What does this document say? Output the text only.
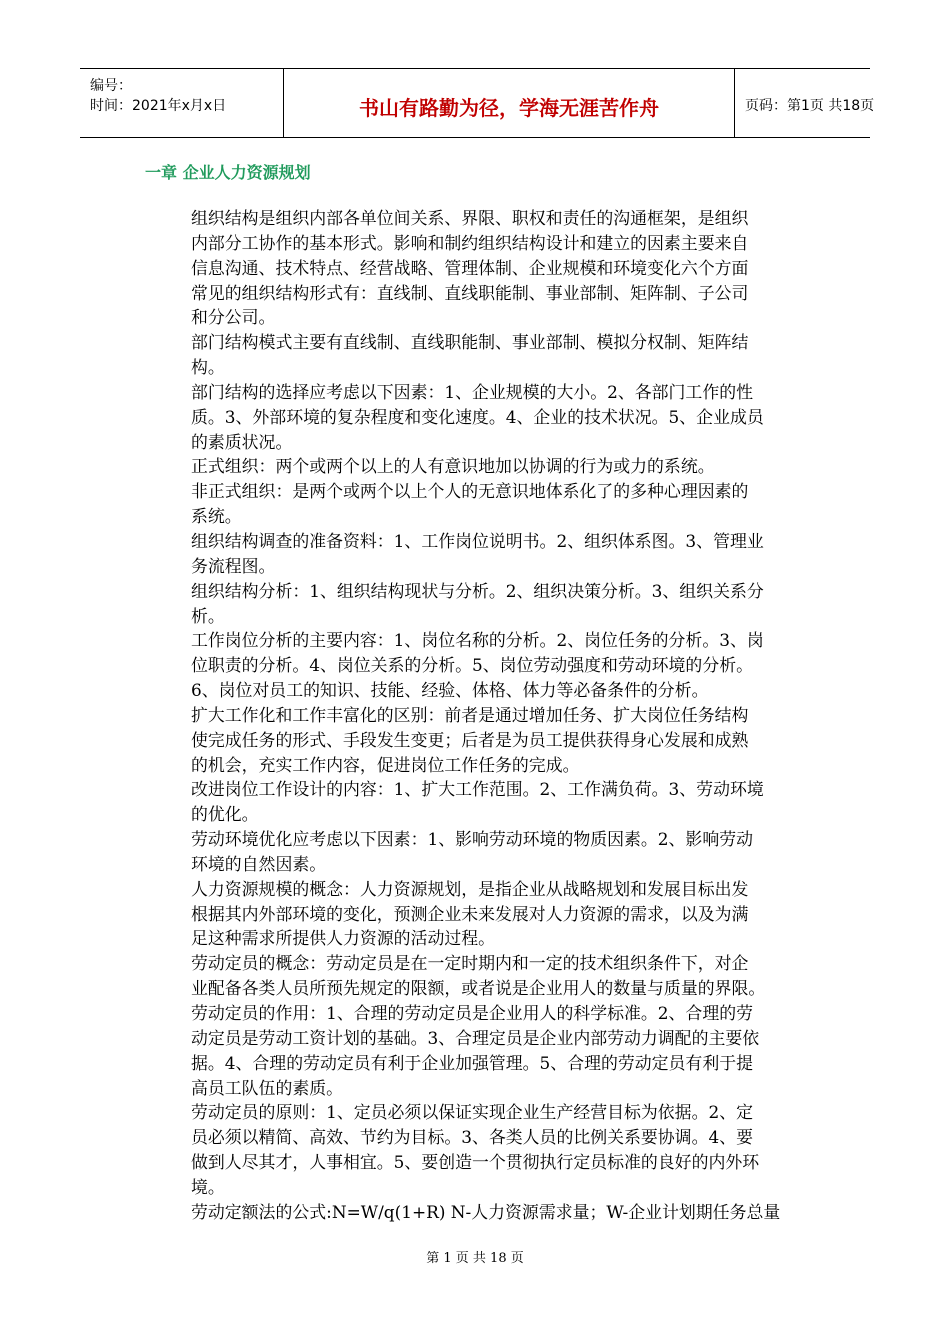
编号：
时间：2021年x月x日	书山有路勤为径，学海无涯苦作舟	页码：第1页 共18页
一章 企业人力资源规划
组织结构是组织内部各单位间关系、界限、职权和责任的沟通框架，是组织
内部分工协作的基本形式。影响和制约组织结构设计和建立的因素主要来自
信息沟通、技术特点、经营战略、管理体制、企业规模和环境变化六个方面
常见的组织结构形式有：直线制、直线职能制、事业部制、矩阵制、子公司
和分公司。
部门结构模式主要有直线制、直线职能制、事业部制、模拟分权制、矩阵结
构。
部门结构的选择应考虑以下因素：1、企业规模的大小。2、各部门工作的性
质。3、外部环境的复杂程度和变化速度。4、企业的技术状况。5、企业成员
的素质状况。
正式组织：两个或两个以上的人有意识地加以协调的行为或力的系统。
非正式组织：是两个或两个以上个人的无意识地体系化了的多种心理因素的
系统。
组织结构调查的准备资料：1、工作岗位说明书。2、组织体系图。3、管理业
务流程图。
组织结构分析：1、组织结构现状与分析。2、组织决策分析。3、组织关系分
析。
工作岗位分析的主要内容：1、岗位名称的分析。2、岗位任务的分析。3、岗
位职责的分析。4、岗位关系的分析。5、岗位劳动强度和劳动环境的分析。
6、岗位对员工的知识、技能、经验、体格、体力等必备条件的分析。
扩大工作化和工作丰富化的区别：前者是通过增加任务、扩大岗位任务结构
使完成任务的形式、手段发生变更；后者是为员工提供获得身心发展和成熟
的机会，充实工作内容，促进岗位工作任务的完成。
改进岗位工作设计的内容：1、扩大工作范围。2、工作满负荷。3、劳动环境
的优化。
劳动环境优化应考虑以下因素：1、影响劳动环境的物质因素。2、影响劳动
环境的自然因素。
人力资源规模的概念：人力资源规划，是指企业从战略规划和发展目标出发
根据其内外部环境的变化，预测企业未来发展对人力资源的需求，以及为满
足这种需求所提供人力资源的活动过程。
劳动定员的概念：劳动定员是在一定时期内和一定的技术组织条件下，对企
业配备各类人员所预先规定的限额，或者说是企业用人的数量与质量的界限。
劳动定员的作用：1、合理的劳动定员是企业用人的科学标准。2、合理的劳
动定员是劳动工资计划的基础。3、合理定员是企业内部劳动力调配的主要依
据。4、合理的劳动定员有利于企业加强管理。5、合理的劳动定员有利于提
高员工队伍的素质。
劳动定员的原则：1、定员必须以保证实现企业生产经营目标为依据。2、定
员必须以精简、高效、节约为目标。3、各类人员的比例关系要协调。4、要
做到人尽其才，人事相宜。5、要创造一个贯彻执行定员标准的良好的内外环
境。
劳动定额法的公式:N=W/q(1+R) N-人力资源需求量；W-企业计划期任务总量
第 1 页 共 18 页
